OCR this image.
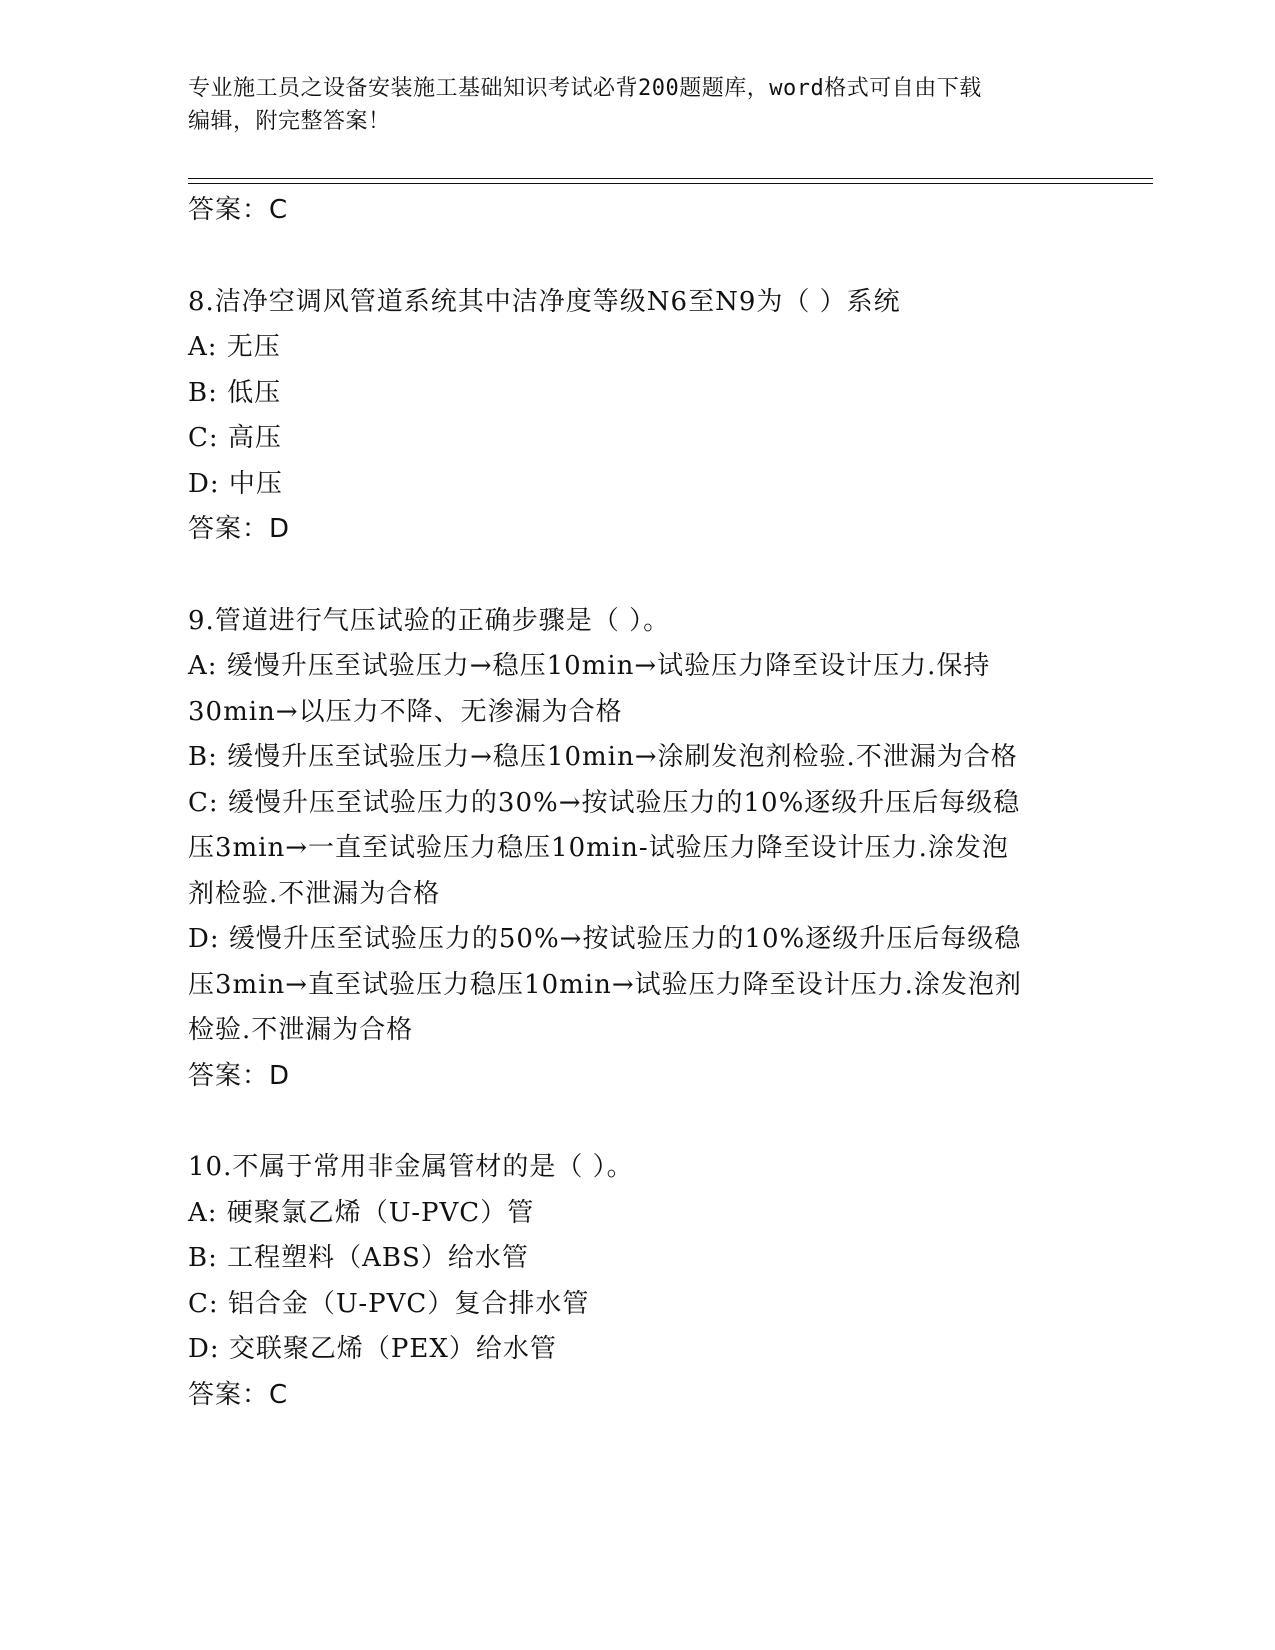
专业施工员之设备安装施工基础知识考试必背200题题库，word格式可自由下载
编辑，附完整答案！
答案：C
8.洁净空调风管道系统其中洁净度等级N6至N9为（ ）系统
A: 无压
B: 低压
C: 高压
D: 中压
答案：D
9.管道进行气压试验的正确步骤是（ ）。
A: 缓慢升压至试验压力→稳压10min→试验压力降至设计压力.保持
30min→以压力不降、无渗漏为合格
B: 缓慢升压至试验压力→稳压10min→涂刷发泡剂检验.不泄漏为合格
C: 缓慢升压至试验压力的30%→按试验压力的10%逐级升压后每级稳
压3min→一直至试验压力稳压10min-试验压力降至设计压力.涂发泡
剂检验.不泄漏为合格
D: 缓慢升压至试验压力的50%→按试验压力的10%逐级升压后每级稳
压3min→直至试验压力稳压10min→试验压力降至设计压力.涂发泡剂
检验.不泄漏为合格
答案：D
10.不属于常用非金属管材的是（ ）。
A: 硬聚氯乙烯（U-PVC）管
B: 工程塑料（ABS）给水管
C: 铝合金（U-PVC）复合排水管
D: 交联聚乙烯（PEX）给水管
答案：C
